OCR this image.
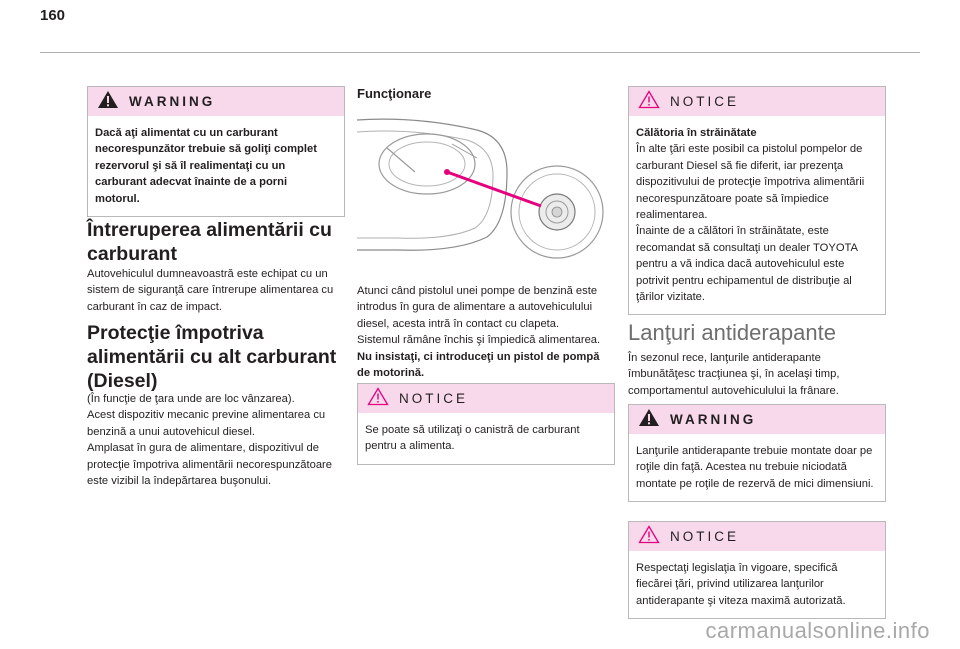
160
WARNING
Dacă aţi alimentat cu un carburant necorespunzător trebuie să goliţi complet rezervorul şi să îl realimentaţi cu un carburant adecvat înainte de a porni motorul.
Întreruperea alimentării cu carburant
Autovehiculul dumneavoastră este echipat cu un sistem de siguranţă care întrerupe alimentarea cu carburant în caz de impact.
Protecţie împotriva alimentării cu alt carburant (Diesel)

(În funcţie de ţara unde are loc vânzarea).

Acest dispozitiv mecanic previne alimentarea cu benzină a unui autovehicul diesel.

Amplasat în gura de alimentare, dispozitivul de protecţie împotriva alimentării necorespunzătoare este vizibil la îndepărtarea buşonului.

Funcţionare

Atunci când pistolul unei pompe de benzină este introdus în gura de alimentare a autovehiculului diesel, acesta intră în contact cu clapeta.

Sistemul rămâne închis şi împiedică alimentarea.

Nu insistaţi, ci introduceţi un pistol de pompă de motorină.

NOTICE
Se poate să utilizaţi o canistră de carburant pentru a alimenta.
NOTICE
Călătoria în străinătate
În alte ţări este posibil ca pistolul pompelor de carburant Diesel să fie diferit, iar prezenţa dispozitivului de protecţie împotriva alimentării necorespunzătoare poate să împiedice realimentarea.
Înainte de a călători în străinătate, este recomandat să consultaţi un dealer TOYOTA pentru a vă indica dacă autovehiculul este potrivit pentru echipamentul de distribuţie al ţărilor vizitate.
Lanţuri antiderapante
În sezonul rece, lanţurile antiderapante îmbunătăţesc tracţiunea şi, în acelaşi timp, comportamentul autovehiculului la frânare.
WARNING
Lanţurile antiderapante trebuie montate doar pe roţile din faţă. Acestea nu trebuie niciodată montate pe roţile de rezervă de mici dimensiuni.
NOTICE
Respectaţi legislaţia în vigoare, specifică fiecărei ţări, privind utilizarea lanţurilor antiderapante şi viteza maximă autorizată.
carmanualsonline.info
